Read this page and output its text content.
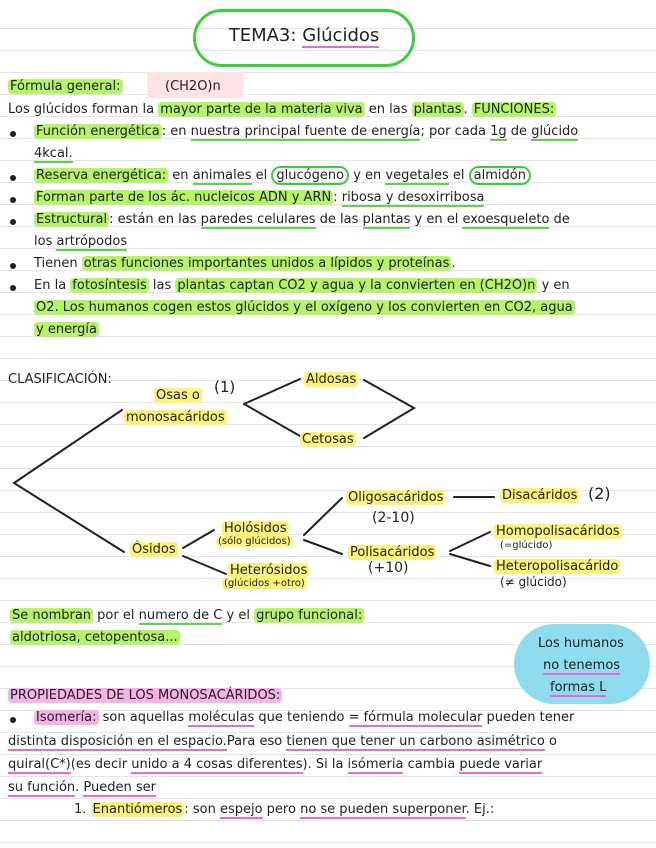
TEMA3: Glúcidos
Fórmula general:	(CH2O)n
Los glúcidos forman la mayor parte de la materia viva en las plantas . FUNCIONES:
Función energética : en nuestra principal fuente de energía; por cada 1g de glúcido
4kcal.
Reserva energética: en animales el glucógeno y en vegetales el almidón
Forman parte de los ác. nucleicos ADN y ARN : ribosa y desoxirribosa
Estructural : están en las paredes celulares de las plantas y en el exoesqueleto de
los artrópodos
Tienen otras funciones importantes unidos a lípidos y proteínas .
En la fotosíntesis las plantas captan CO2 y agua y la convierten en (CH2O)n y en
O2. Los humanos cogen estos glúcidos y el oxígeno y los convierten en CO2, agua
y energía
CLASIFICACIÓN:
Osas o (1)
monosacáridos
Aldosas
Cetosas
Ósidos
Holósidos
(sólo glúcidos)
Heterósidos
(glúcidos +otro)
Oligosacáridos
(2-10)
Polisacáridos
(+10)
Disacáridos (2)
Homopolisacáridos
(=glúcido)
Heteropolisacárido
(≠ glúcido)
Se nombran por el numero de C y el grupo funcional:
aldotriosa, cetopentosa...	Los humanos
no tenemos
formas L
PROPIEDADES DE LOS MONOSACÁRIDOS:
Isomería: son aquellas moléculas que teniendo = fórmula molecular pueden tener
distinta disposición en el espacio.Para eso tienen que tener un carbono asimétrico o
quiral(C*)(es decir unido a 4 cosas diferentes). Si la isómeria cambia puede variar
su función. Pueden ser
1. Enantiómeros : son espejo pero no se pueden superponer. Ej.:
